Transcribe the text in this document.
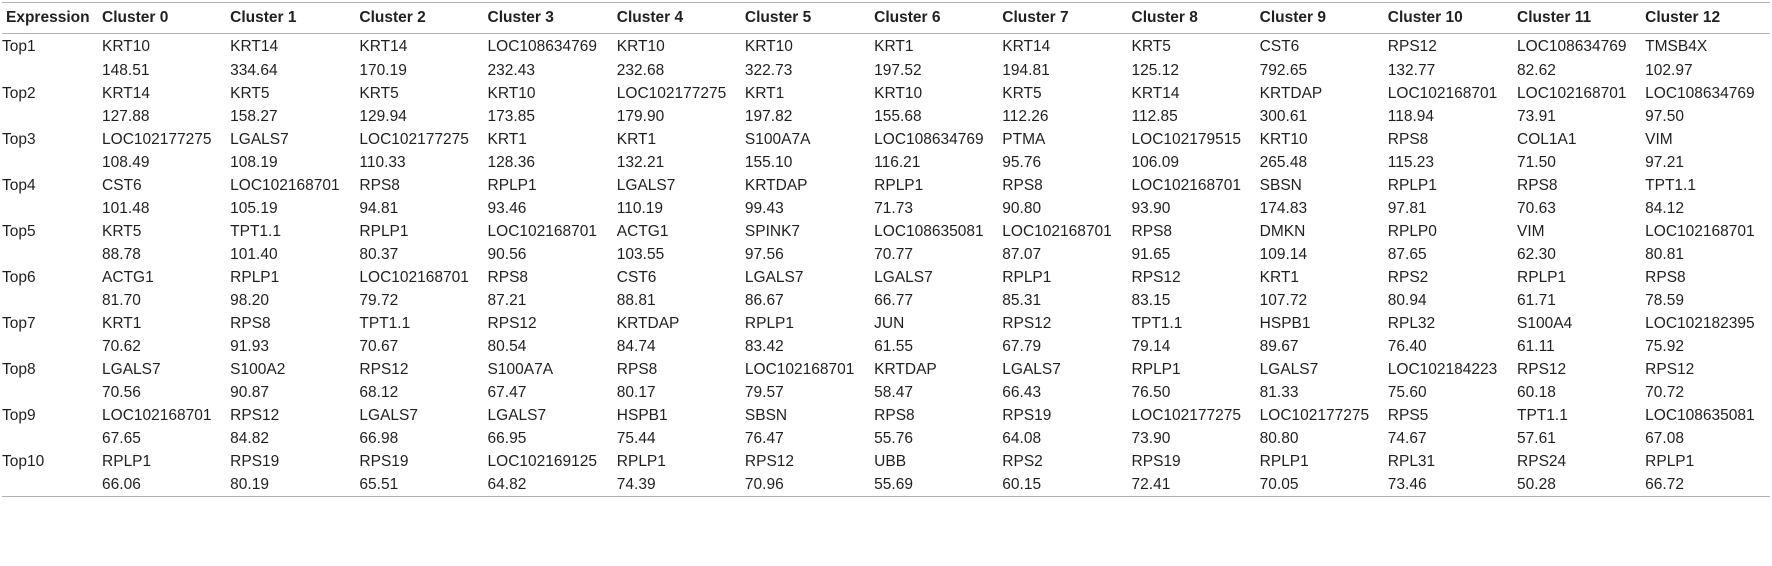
Expression	Cluster 0	Cluster 1	Cluster 2	Cluster 3	Cluster 4	Cluster 5	Cluster 6	Cluster 7	Cluster 8	Cluster 9	Cluster 10	Cluster 11	Cluster 12
Top1	KRT10	KRT14	KRT14	LOC108634769	KRT10	KRT10	KRT1	KRT14	KRT5	CST6	RPS12	LOC108634769	TMSB4X
	148.51	334.64	170.19	232.43	232.68	322.73	197.52	194.81	125.12	792.65	132.77	82.62	102.97
Top2	KRT14	KRT5	KRT5	KRT10	LOC102177275	KRT1	KRT10	KRT5	KRT14	KRTDAP	LOC102168701	LOC102168701	LOC108634769
	127.88	158.27	129.94	173.85	179.90	197.82	155.68	112.26	112.85	300.61	118.94	73.91	97.50
Top3	LOC102177275	LGALS7	LOC102177275	KRT1	KRT1	S100A7A	LOC108634769	PTMA	LOC102179515	KRT10	RPS8	COL1A1	VIM
	108.49	108.19	110.33	128.36	132.21	155.10	116.21	95.76	106.09	265.48	115.23	71.50	97.21
Top4	CST6	LOC102168701	RPS8	RPLP1	LGALS7	KRTDAP	RPLP1	RPS8	LOC102168701	SBSN	RPLP1	RPS8	TPT1.1
	101.48	105.19	94.81	93.46	110.19	99.43	71.73	90.80	93.90	174.83	97.81	70.63	84.12
Top5	KRT5	TPT1.1	RPLP1	LOC102168701	ACTG1	SPINK7	LOC108635081	LOC102168701	RPS8	DMKN	RPLP0	VIM	LOC102168701
	88.78	101.40	80.37	90.56	103.55	97.56	70.77	87.07	91.65	109.14	87.65	62.30	80.81
Top6	ACTG1	RPLP1	LOC102168701	RPS8	CST6	LGALS7	LGALS7	RPLP1	RPS12	KRT1	RPS2	RPLP1	RPS8
	81.70	98.20	79.72	87.21	88.81	86.67	66.77	85.31	83.15	107.72	80.94	61.71	78.59
Top7	KRT1	RPS8	TPT1.1	RPS12	KRTDAP	RPLP1	JUN	RPS12	TPT1.1	HSPB1	RPL32	S100A4	LOC102182395
	70.62	91.93	70.67	80.54	84.74	83.42	61.55	67.79	79.14	89.67	76.40	61.11	75.92
Top8	LGALS7	S100A2	RPS12	S100A7A	RPS8	LOC102168701	KRTDAP	LGALS7	RPLP1	LGALS7	LOC102184223	RPS12	RPS12
	70.56	90.87	68.12	67.47	80.17	79.57	58.47	66.43	76.50	81.33	75.60	60.18	70.72
Top9	LOC102168701	RPS12	LGALS7	LGALS7	HSPB1	SBSN	RPS8	RPS19	LOC102177275	LOC102177275	RPS5	TPT1.1	LOC108635081
	67.65	84.82	66.98	66.95	75.44	76.47	55.76	64.08	73.90	80.80	74.67	57.61	67.08
Top10	RPLP1	RPS19	RPS19	LOC102169125	RPLP1	RPS12	UBB	RPS2	RPS19	RPLP1	RPL31	RPS24	RPLP1
	66.06	80.19	65.51	64.82	74.39	70.96	55.69	60.15	72.41	70.05	73.46	50.28	66.72
